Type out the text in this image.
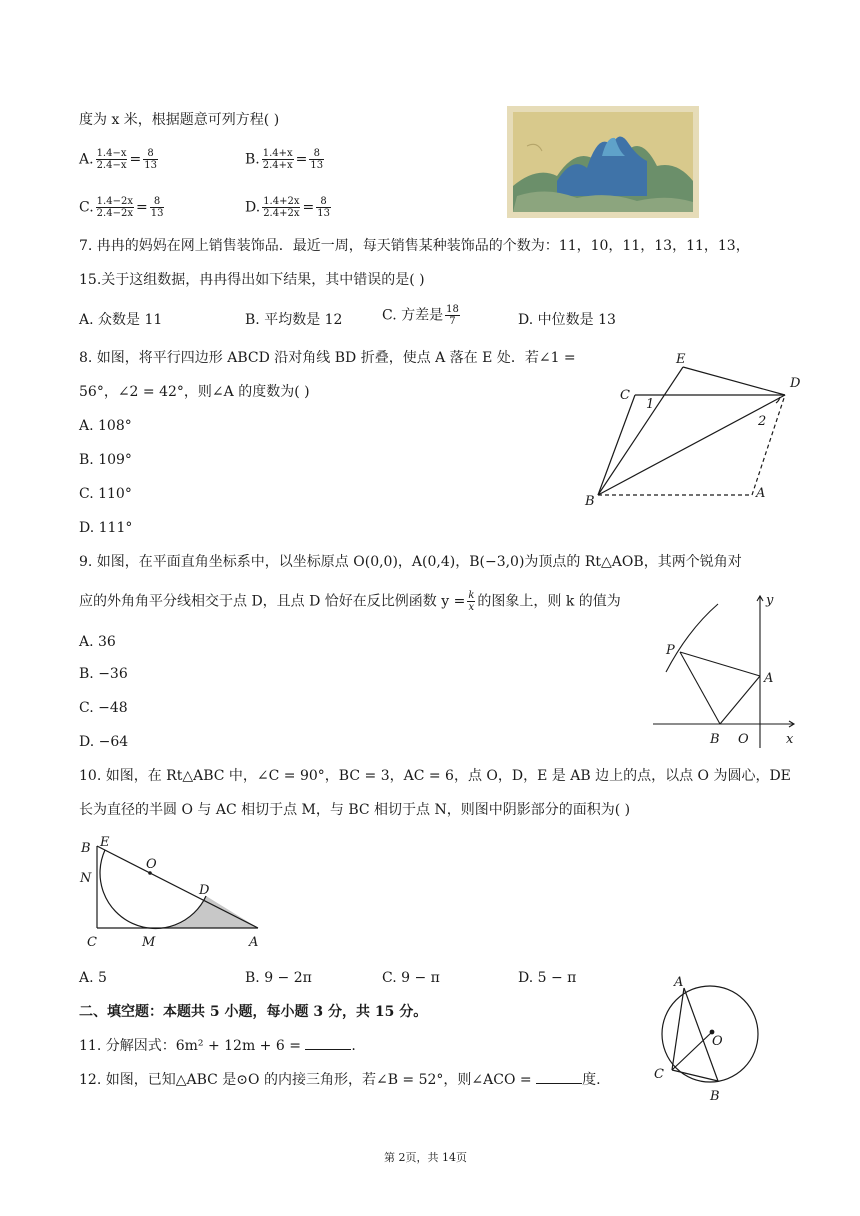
度为 x 米，根据题意可列方程( )
A. $\frac{1.4-x}{2.4-x} = \frac{8}{13}$	B. $\frac{1.4+x}{2.4+x} = \frac{8}{13}$
C. $\frac{1.4-2x}{2.4-2x} = \frac{8}{13}$	D. $\frac{1.4+2x}{2.4+2x} = \frac{8}{13}$
7. 冉冉的妈妈在网上销售装饰品．最近一周，每天销售某种装饰品的个数为：11，10，11，13，11，13，
15.关于这组数据，冉冉得出如下结果，其中错误的是( )
A. 众数是 11	B. 平均数是 12	C. 方差是 $\frac{18}{7}$	D. 中位数是 13
8. 如图，将平行四边形 ABCD 沿对角线 BD 折叠，使点 A 落在 E 处．若∠1 =
56°，∠2 = 42°，则∠A 的度数为( )
A. 108°
B. 109°
C. 110°
D. 111°
E
C
D
1
2
B
A
9. 如图，在平面直角坐标系中，以坐标原点 O(0,0)，A(0,4)，B(−3,0)为顶点的 Rt△AOB，其两个锐角对
应的外角角平分线相交于点 D，且点 D 恰好在反比例函数 $y = \frac{k}{x}$ 的图象上，则 k 的值为
A. 36
B. −36
C. −48
D. −64
y
P
A
B O	x
10. 如图，在 Rt△ABC 中，∠C = 90°，BC = 3，AC = 6，点 O，D，E 是 AB 边上的点，以点 O 为圆心，DE
长为直径的半圆 O 与 AC 相切于点 M，与 BC 相切于点 N，则图中阴影部分的面积为( )
B E
O
N
D
C	M	A
A. 5	B. 9 − 2π	C. 9 − π	D. 5 − π
二、填空题：本题共 5 小题，每小题 3 分，共 15 分。
11. 分解因式：6m² + 12m + 6 =	.
12. 如图，已知△ABC 是⊙O 的内接三角形，若∠B = 52°，则∠ACO =	度.
A
O
C
B
第 2页，共 14页
